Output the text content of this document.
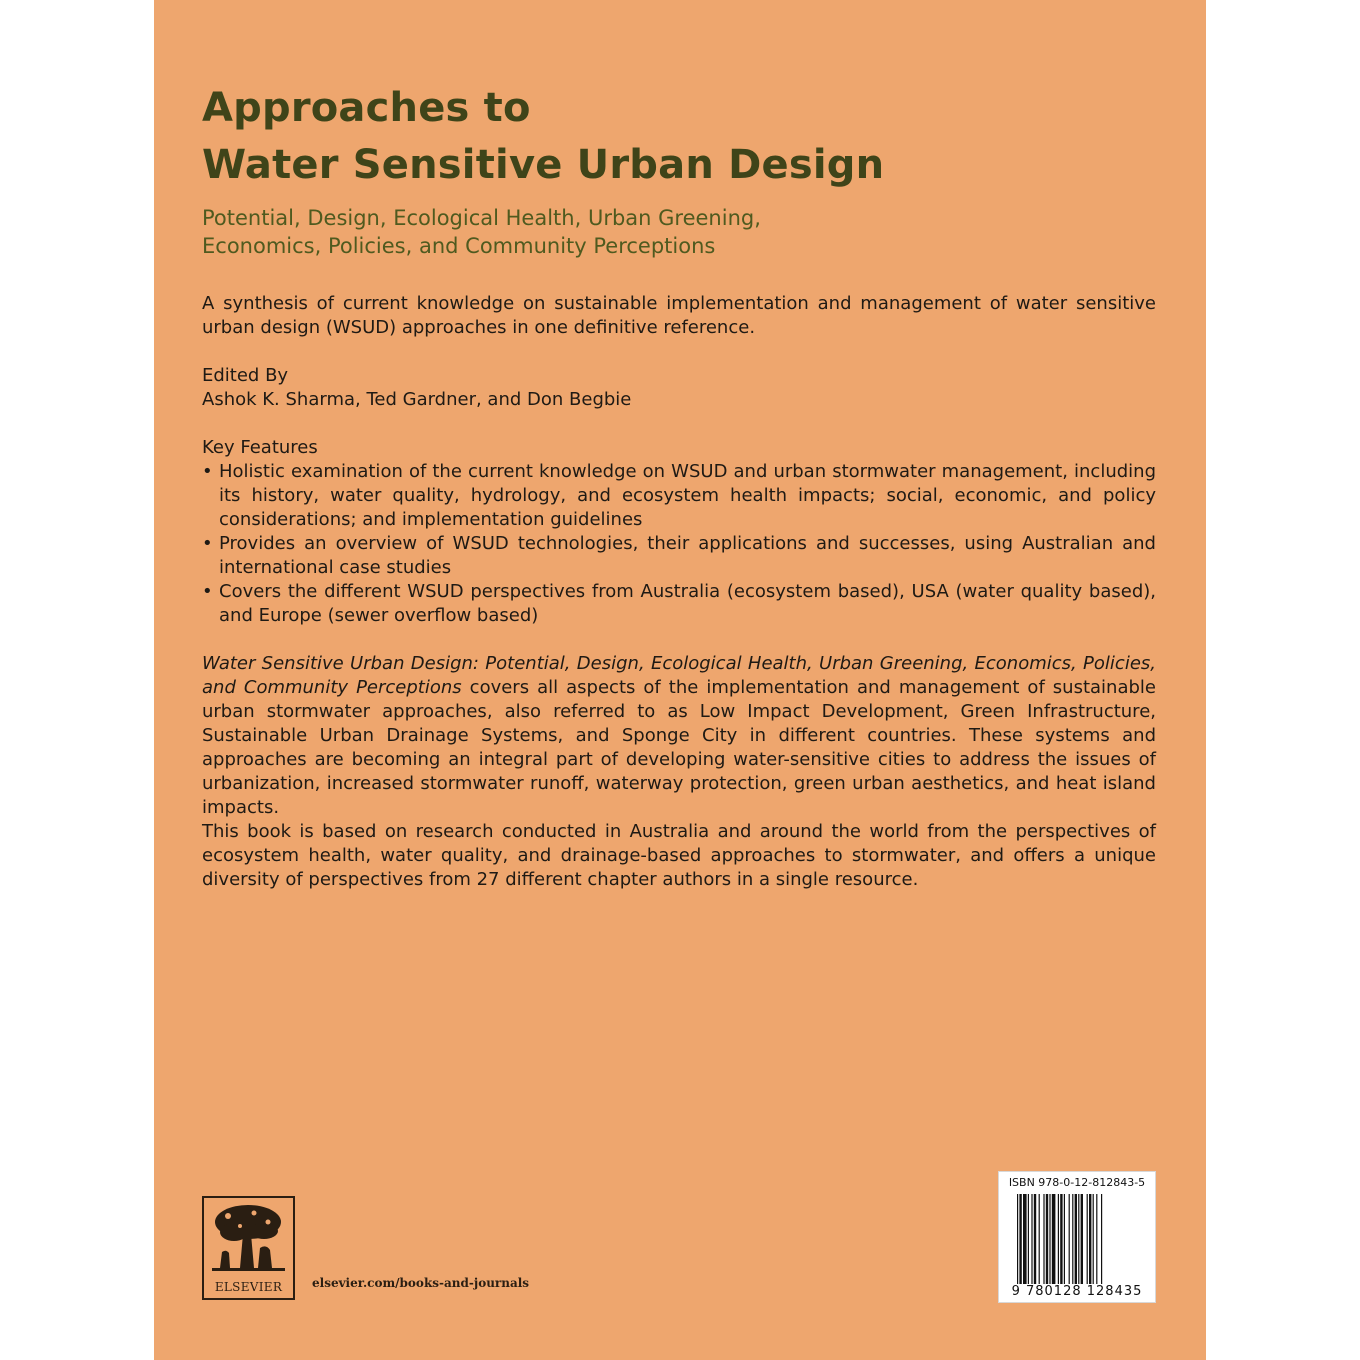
Approaches to
Water Sensitive Urban Design
Potential, Design, Ecological Health, Urban Greening,
Economics, Policies, and Community Perceptions

A synthesis of current knowledge on sustainable implementation and management of water sensitive urban design (WSUD) approaches in one definitive reference.

Edited By

Ashok K. Sharma, Ted Gardner, and Don Begbie

Key Features

• Holistic examination of the current knowledge on WSUD and urban stormwater management, including its history, water quality, hydrology, and ecosystem health impacts; social, economic, and policy considerations; and implementation guidelines
• Provides an overview of WSUD technologies, their applications and successes, using Australian and international case studies
• Covers the different WSUD perspectives from Australia (ecosystem based), USA (water quality based), and Europe (sewer overflow based)

Water Sensitive Urban Design: Potential, Design, Ecological Health, Urban Greening, Economics, Policies, and Community Perceptions covers all aspects of the implementation and management of sustainable urban stormwater approaches, also referred to as Low Impact Development, Green Infrastructure, Sustainable Urban Drainage Systems, and Sponge City in different countries. These systems and approaches are becoming an integral part of developing water-sensitive cities to address the issues of urbanization, increased stormwater runoff, waterway protection, green urban aesthetics, and heat island impacts.

This book is based on research conducted in Australia and around the world from the perspectives of ecosystem health, water quality, and drainage-based approaches to stormwater, and offers a unique diversity of perspectives from 27 different chapter authors in a single resource.

ELSEVIER	elsevier.com/books-and-journals
ISBN 978-0-12-812843-5
9 780128 128435
